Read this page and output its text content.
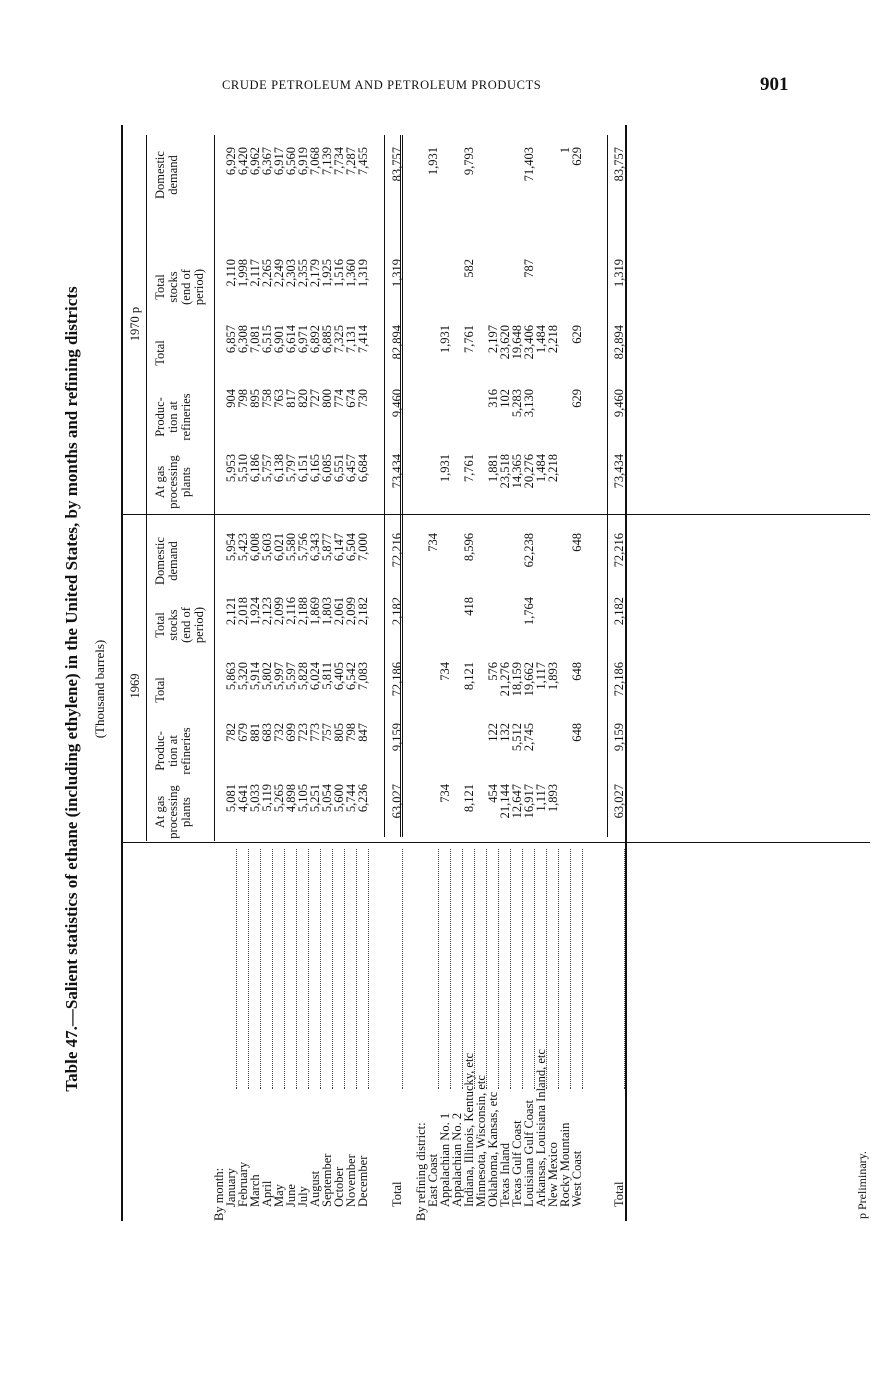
CRUDE PETROLEUM AND PETROLEUM PRODUCTS	901
Table 47.—Salient statistics of ethane (including ethylene) in the United States, by months and refining districts (Thousand barrels) 1969
1970 p
At gas
processing
plants
Produc-
tion at
refineries
Total
Total
stocks
(end of
period)
Domestic
demand
At gas
processing
plants
Produc-
tion at
refineries
Total
Total
stocks
(end of
period)
Domestic
demand
By month:	By refining district:
January
5,081
782
5,863
2,121
5,954
5,953
904
6,857
2,110
6,929
February
4,641
679
5,320
2,018
5,423
5,510
798
6,308
1,998
6,420
March
5,033
881
5,914
1,924
6,008
6,186
895
7,081
2,117
6,962
April
5,119
683
5,802
2,123
5,603
5,757
758
6,515
2,265
6,367
May
5,265
732
5,997
2,099
6,021
6,138
763
6,901
2,249
6,917
June
4,898
699
5,597
2,116
5,580
5,797
817
6,614
2,303
6,560
July
5,105
723
5,828
2,188
5,756
6,151
820
6,971
2,355
6,919
August
5,251
773
6,024
1,869
6,343
6,165
727
6,892
2,179
7,068
September
5,054
757
5,811
1,803
5,877
6,085
800
6,885
1,925
7,139
October
5,600
805
6,405
2,061
6,147
6,551
774
7,325
1,516
7,734
November
5,744
798
6,542
2,099
6,504
6,457
674
7,131
1,360
7,287
December
6,236
847
7,083
2,182
7,000
6,684
730
7,414
1,319
7,455
Total
63,027
9,159
72,186
2,182
72,216
73,434
9,460
82,894
1,319
83,757
East Coast
734
1,931
Appalachian No. 1
734
734
1,931
1,931
Appalachian No. 2
Indiana, Illinois, Kentucky, etc
8,121
8,121
418
8,596
7,761
7,761
582
9,793
Minnesota, Wisconsin, etc
Oklahoma, Kansas, etc
454
122
576
1,881
316
2,197
Texas Inland
21,144
132
21,276
23,518
102
23,620
Texas Gulf Coast
12,647
5,512
18,159
14,365
5,283
19,648
Louisiana Gulf Coast
16,917
2,745
19,662
1,764
62,238
20,276
3,130
23,406
787
71,403
Arkansas, Louisiana Inland, etc
1,117
1,117
1,484
1,484
New Mexico
1,893
1,893
2,218
2,218
Rocky Mountain
1
West Coast
648
648
648
629
629
629
Total
63,027
9,159
72,186
2,182
72,216
73,434
9,460
82,894
1,319
83,757
p Preliminary.
